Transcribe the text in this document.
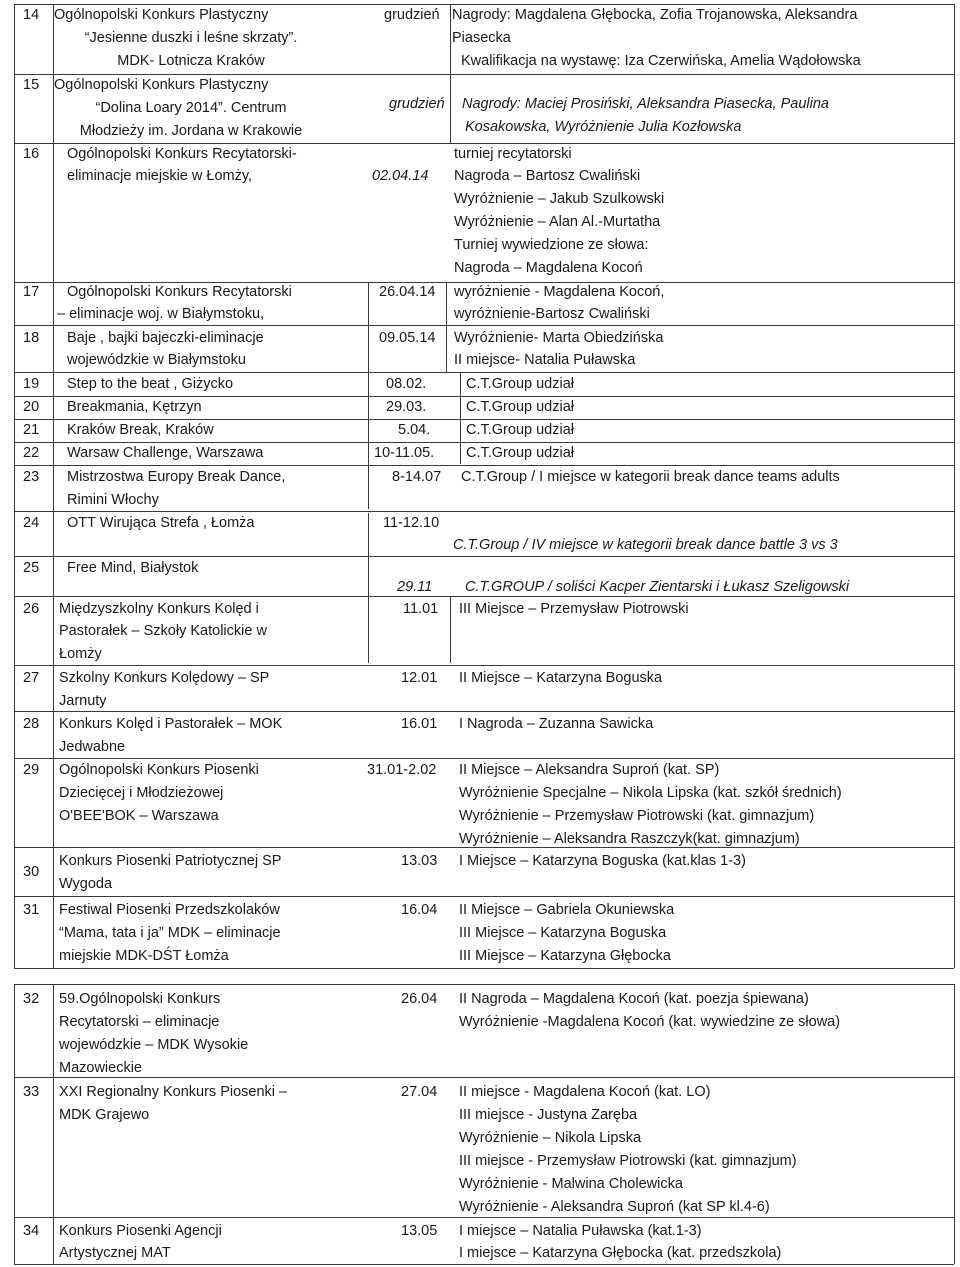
14 Ogólnopolski Konkurs Plastyczny
“Jesienne duszki i leśne skrzaty”.
MDK- Lotnicza Kraków
grudzień Nagrody: Magdalena Głębocka, Zofia Trojanowska, Aleksandra
Piasecka
Kwalifikacja na wystawę: Iza Czerwińska, Amelia Wądołowska
15 Ogólnopolski Konkurs Plastyczny
“Dolina Loary 2014”. Centrum
Młodzieży im. Jordana w Krakowie
grudzień Nagrody: Maciej Prosiński, Aleksandra Piasecka, Paulina
Kosakowska, Wyróżnienie Julia Kozłowska
16 Ogólnopolski Konkurs Recytatorski-
eliminacje miejskie w Łomży,	02.04.14
turniej recytatorski
Nagroda – Bartosz Cwaliński
Wyróżnienie – Jakub Szulkowski
Wyróżnienie – Alan Al.-Murtatha
Turniej wywiedzione ze słowa:
Nagroda – Magdalena Kocoń
17 Ogólnopolski Konkurs Recytatorski
– eliminacje woj. w Białymstoku,
26.04.14 wyróżnienie - Magdalena Kocoń,
wyróżnienie-Bartosz Cwaliński
18 Baje , bajki bajeczki-eliminacje
wojewódzkie w Białymstoku
09.05.14 Wyróżnienie- Marta Obiedzińska
II miejsce- Natalia Puławska
19 Step to the beat , Giżycko	08.02.	C.T.Group udział
20 Breakmania, Kętrzyn	29.03.	C.T.Group udział
21 Kraków Break, Kraków	5.04. C.T.Group udział
22 Warsaw Challenge, Warszawa	10-11.05. C.T.Group udział
23 Mistrzostwa Europy Break Dance,
Rimini Włochy
8-14.07 C.T.Group / I miejsce w kategorii break dance teams adults
24 OTT Wirująca Strefa , Łomża	11-12.10
C.T.Group / IV miejsce w kategorii break dance battle 3 vs 3
25 Free Mind, Białystok
29.11 C.T.GROUP / soliści Kacper Zientarski i Łukasz Szeligowski
26 Międzyszkolny Konkurs Kolęd i
Pastorałek – Szkoły Katolickie w
Łomży
11.01 III Miejsce – Przemysław Piotrowski
27 Szkolny Konkurs Kolędowy – SP
Jarnuty
12.01 II Miejsce – Katarzyna Boguska
28 Konkurs Kolęd i Pastorałek – MOK
Jedwabne
16.01 I Nagroda – Zuzanna Sawicka
29 Ogólnopolski Konkurs Piosenki
Dziecięcej i Młodzieżowej
O'BEE'BOK – Warszawa
31.01-2.02 II Miejsce – Aleksandra Suproń (kat. SP)
Wyróżnienie Specjalne – Nikola Lipska (kat. szkół średnich)
Wyróżnienie – Przemysław Piotrowski (kat. gimnazjum)
Wyróżnienie – Aleksandra Raszczyk(kat. gimnazjum)
30
Konkurs Piosenki Patriotycznej SP
Wygoda
13.03 I Miejsce – Katarzyna Boguska (kat.klas 1-3)
31 Festiwal Piosenki Przedszkolaków
“Mama, tata i ja” MDK – eliminacje
miejskie MDK-DŚT Łomża
16.04 II Miejsce – Gabriela Okuniewska
III Miejsce – Katarzyna Boguska
III Miejsce – Katarzyna Głębocka
32 59.Ogólnopolski Konkurs
Recytatorski – eliminacje
wojewódzkie – MDK Wysokie
Mazowieckie
26.04 II Nagroda – Magdalena Kocoń (kat. poezja śpiewana)
Wyróżnienie -Magdalena Kocoń (kat. wywiedzine ze słowa)
33 XXI Regionalny Konkurs Piosenki –
MDK Grajewo
27.04 II miejsce - Magdalena Kocoń (kat. LO)
III miejsce - Justyna Zaręba
Wyróżnienie – Nikola Lipska
III miejsce - Przemysław Piotrowski (kat. gimnazjum)
Wyróżnienie - Malwina Cholewicka
Wyróżnienie - Aleksandra Suproń (kat SP kl.4-6)
34 Konkurs Piosenki Agencji
Artystycznej MAT
13.05 I miejsce – Natalia Puławska (kat.1-3)
I miejsce – Katarzyna Głębocka (kat. przedszkola)
